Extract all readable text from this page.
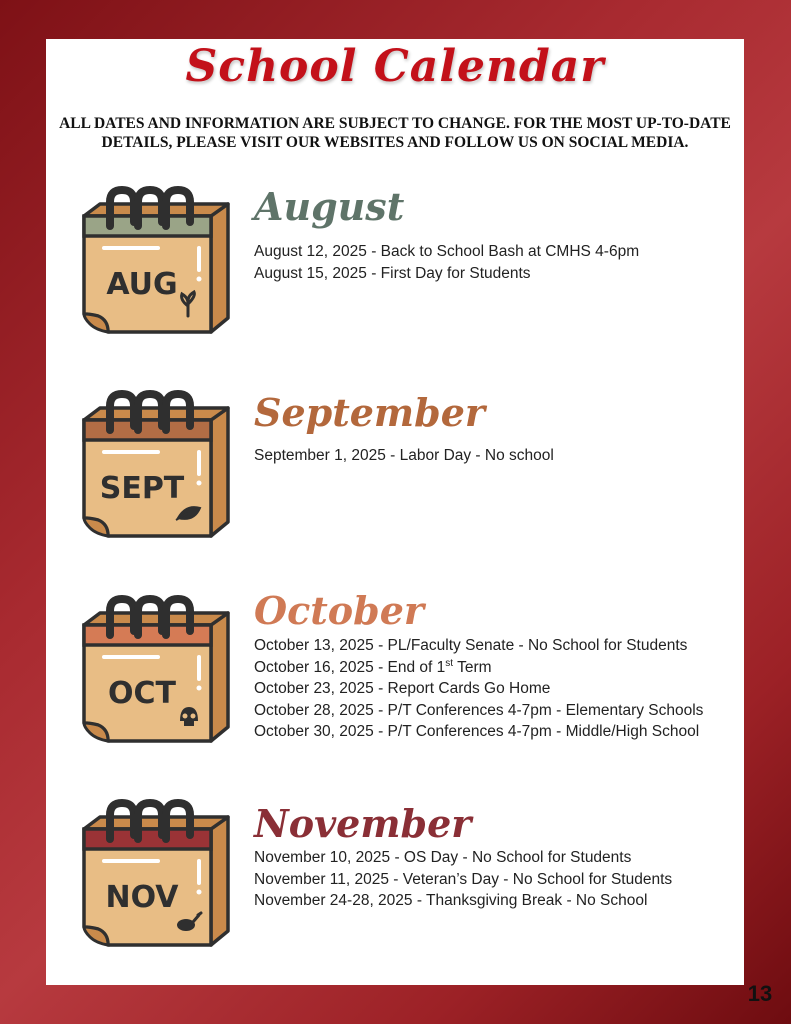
School Calendar
ALL DATES AND INFORMATION ARE SUBJECT TO CHANGE. FOR THE MOST UP-TO-DATE
DETAILS, PLEASE VISIT OUR WEBSITES AND FOLLOW US ON SOCIAL MEDIA.
AUG
August
August 12, 2025 - Back to School Bash at CMHS 4-6pm
August 15, 2025 - First Day for Students
SEPT
September
September 1, 2025 - Labor Day - No school
OCT
October
October 13, 2025 - PL/Faculty Senate - No School for Students
October 16, 2025 - End of 1st Term
October 23, 2025 - Report Cards Go Home
October 28, 2025 - P/T Conferences 4-7pm - Elementary Schools
October 30, 2025 - P/T Conferences 4-7pm - Middle/High School
NOV
November
November 10, 2025 - OS Day - No School for Students
November 11, 2025 - Veteran’s Day - No School for Students
November 24-28, 2025 - Thanksgiving Break - No School
13
